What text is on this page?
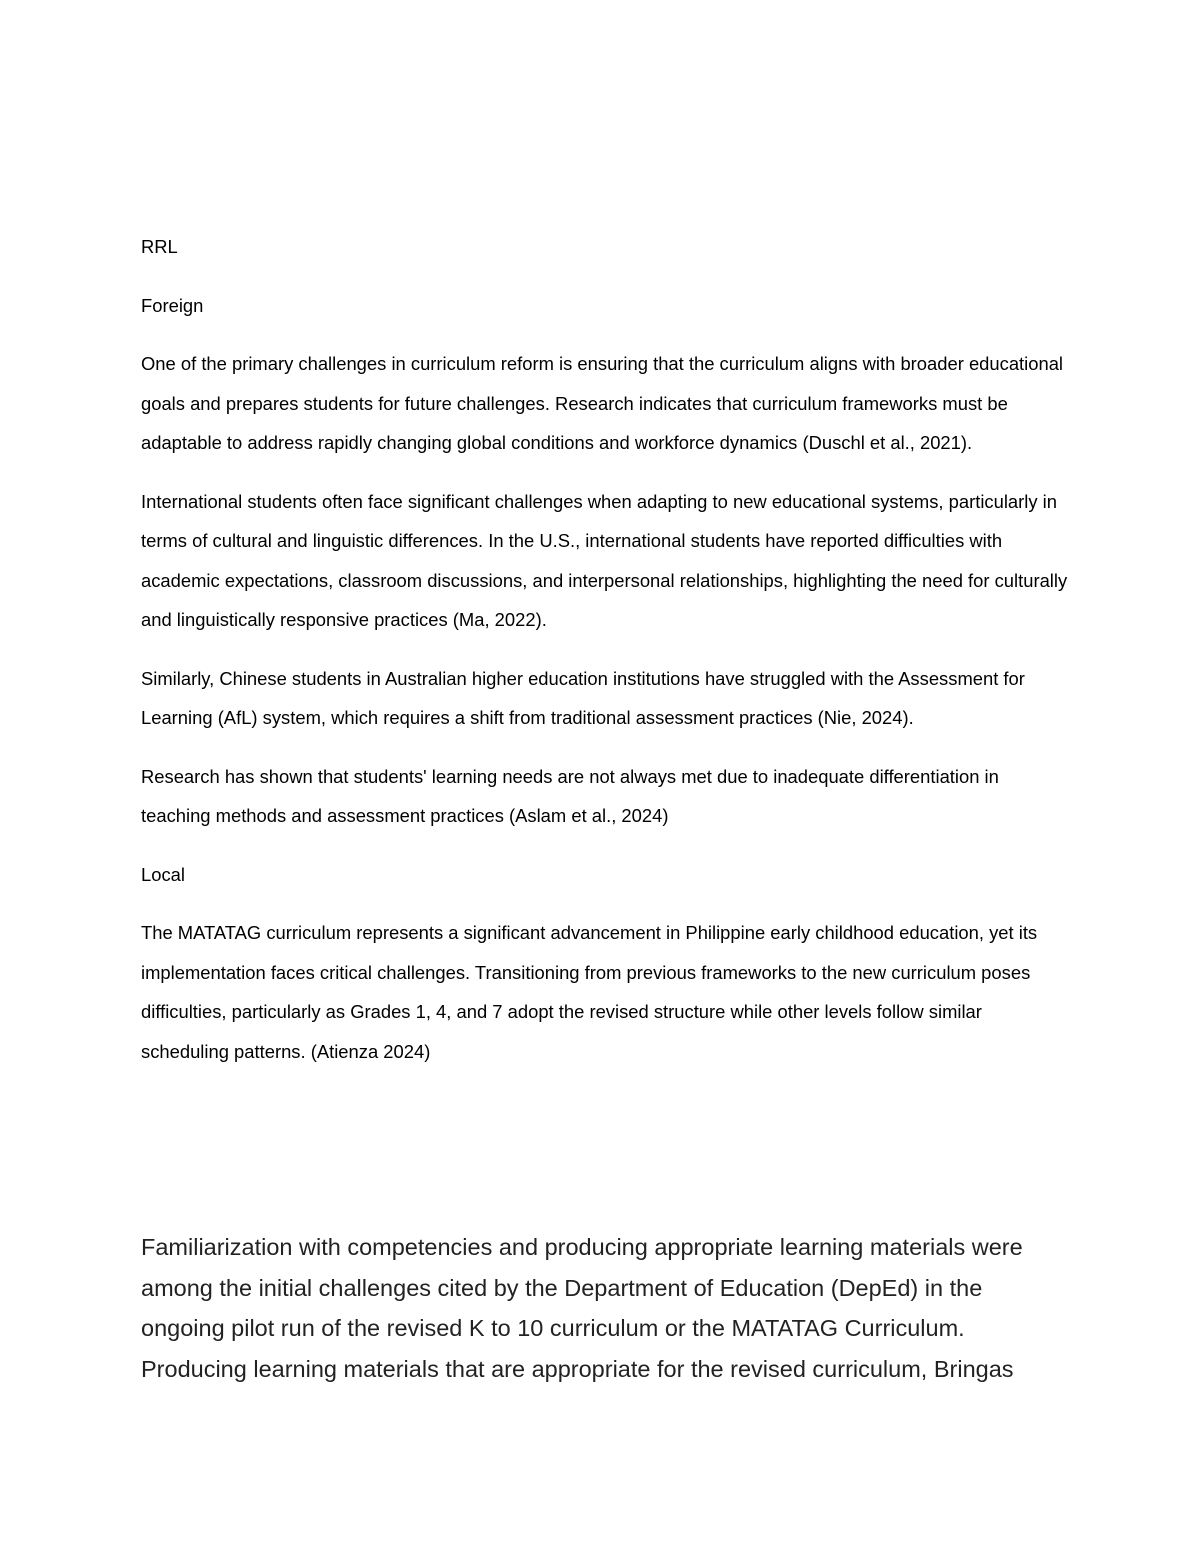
RRL

Foreign

One of the primary challenges in curriculum reform is ensuring that the curriculum aligns with broader educational goals and prepares students for future challenges. Research indicates that curriculum frameworks must be adaptable to address rapidly changing global conditions and workforce dynamics (Duschl et al., 2021).

International students often face significant challenges when adapting to new educational systems, particularly in terms of cultural and linguistic differences. In the U.S., international students have reported difficulties with academic expectations, classroom discussions, and interpersonal relationships, highlighting the need for culturally and linguistically responsive practices (Ma, 2022).

Similarly, Chinese students in Australian higher education institutions have struggled with the Assessment for Learning (AfL) system, which requires a shift from traditional assessment practices (Nie, 2024).

Research has shown that students' learning needs are not always met due to inadequate differentiation in teaching methods and assessment practices (Aslam et al., 2024)

Local

The MATATAG curriculum represents a significant advancement in Philippine early childhood education, yet its implementation faces critical challenges. Transitioning from previous frameworks to the new curriculum poses difficulties, particularly as Grades 1, 4, and 7 adopt the revised structure while other levels follow similar scheduling patterns. (Atienza 2024)

Familiarization with competencies and producing appropriate learning materials were among the initial challenges cited by the Department of Education (DepEd) in the ongoing pilot run of the revised K to 10 curriculum or the MATATAG Curriculum. Producing learning materials that are appropriate for the revised curriculum, Bringas
